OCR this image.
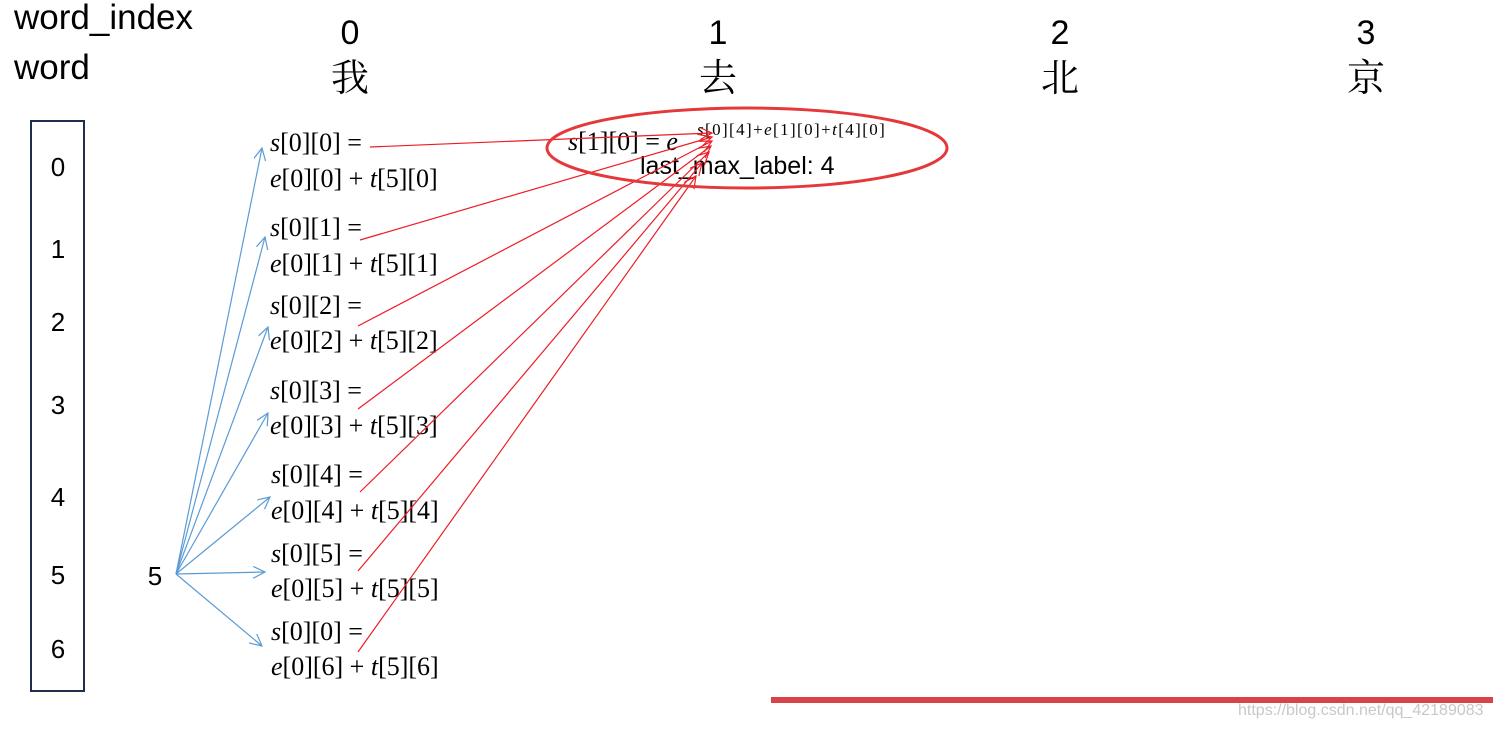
word_index
word
0
我
1
去
2
北
3
京
0
1
2
3
4
5
6
5
s[0][0] =
e[0][0] + t[5][0]
s[0][1] =
e[0][1] + t[5][1]
s[0][2] =
e[0][2] + t[5][2]
s[0][3] =
e[0][3] + t[5][3]
s[0][4] =
e[0][4] + t[5][4]
s[0][5] =
e[0][5] + t[5][5]
s[0][0] =
e[0][6] + t[5][6]
s[1][0] = e s[0][4]+e[1][0]+t[4][0]
last_max_label: 4
https://blog.csdn.net/qq_42189083
